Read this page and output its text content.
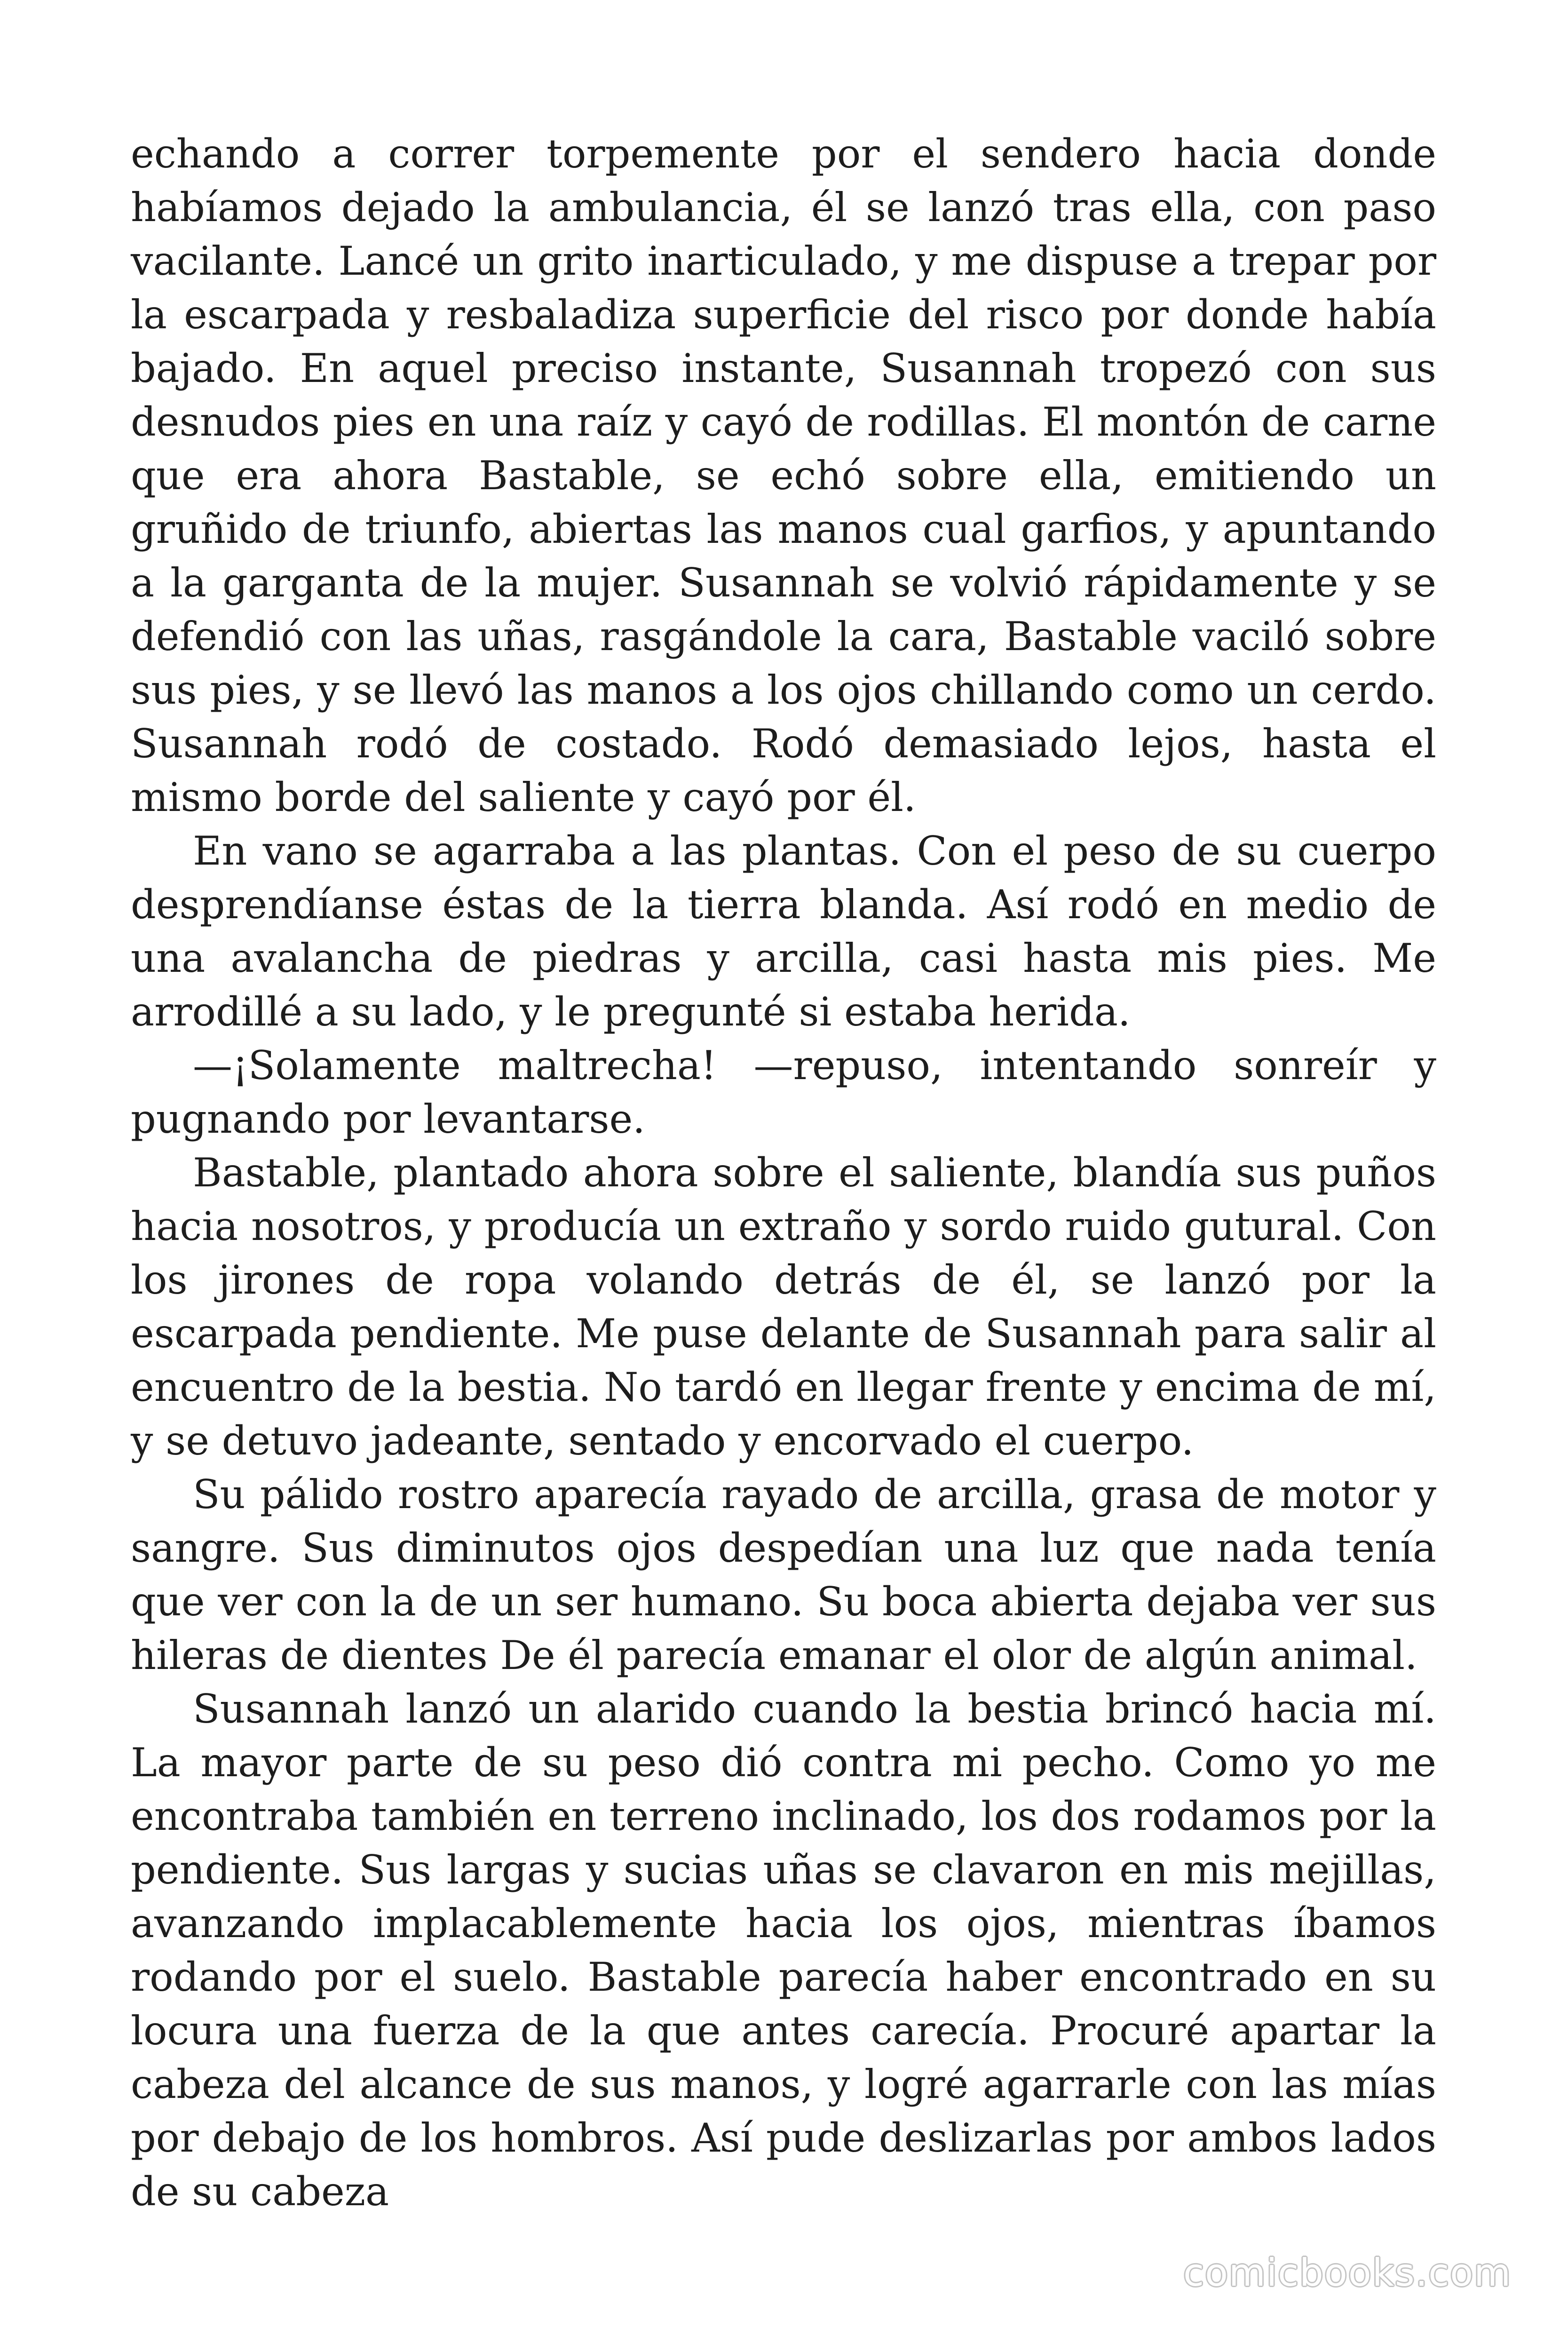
echando a correr torpemente por el sendero hacia donde habíamos dejado la ambulancia, él se lanzó tras ella, con paso vacilante. Lancé un grito inarticulado, y me dispuse a trepar por la escarpada y resbaladiza superficie del risco por donde había bajado. En aquel preciso instante, Susannah tropezó con sus desnudos pies en una raíz y cayó de rodillas. El montón de carne que era ahora Bastable, se echó sobre ella, emitiendo un gruñido de triunfo, abiertas las manos cual garfios, y apuntando a la garganta de la mujer. Susannah se volvió rápidamente y se defendió con las uñas, rasgándole la cara, Bastable vaciló sobre sus pies, y se llevó las manos a los ojos chillando como un cerdo. Susannah rodó de costado. Rodó demasiado lejos, hasta el mismo borde del saliente y cayó por él.

En vano se agarraba a las plantas. Con el peso de su cuerpo desprendíanse éstas de la tierra blanda. Así rodó en medio de una avalancha de piedras y arcilla, casi hasta mis pies. Me arrodillé a su lado, y le pregunté si estaba herida.

—¡Solamente maltrecha! —repuso, intentando sonreír y pugnando por levantarse.

Bastable, plantado ahora sobre el saliente, blandía sus puños hacia nosotros, y producía un extraño y sordo ruido gutural. Con los jirones de ropa volando detrás de él, se lanzó por la escarpada pendiente. Me puse delante de Susannah para salir al encuentro de la bestia. No tardó en llegar frente y encima de mí, y se detuvo jadeante, sentado y encorvado el cuerpo.

Su pálido rostro aparecía rayado de arcilla, grasa de motor y sangre. Sus diminutos ojos despedían una luz que nada tenía que ver con la de un ser humano. Su boca abierta dejaba ver sus hileras de dientes De él parecía emanar el olor de algún animal.

Susannah lanzó un alarido cuando la bestia brincó hacia mí. La mayor parte de su peso dió contra mi pecho. Como yo me encontraba también en terreno inclinado, los dos rodamos por la pendiente. Sus largas y sucias uñas se clavaron en mis mejillas, avanzando implacablemente hacia los ojos, mientras íbamos rodando por el suelo. Bastable parecía haber encontrado en su locura una fuerza de la que antes carecía. Procuré apartar la cabeza del alcance de sus manos, y logré agarrarle con las mías por debajo de los hombros. Así pude deslizarlas por ambos lados de su cabeza

comicbooks.com
